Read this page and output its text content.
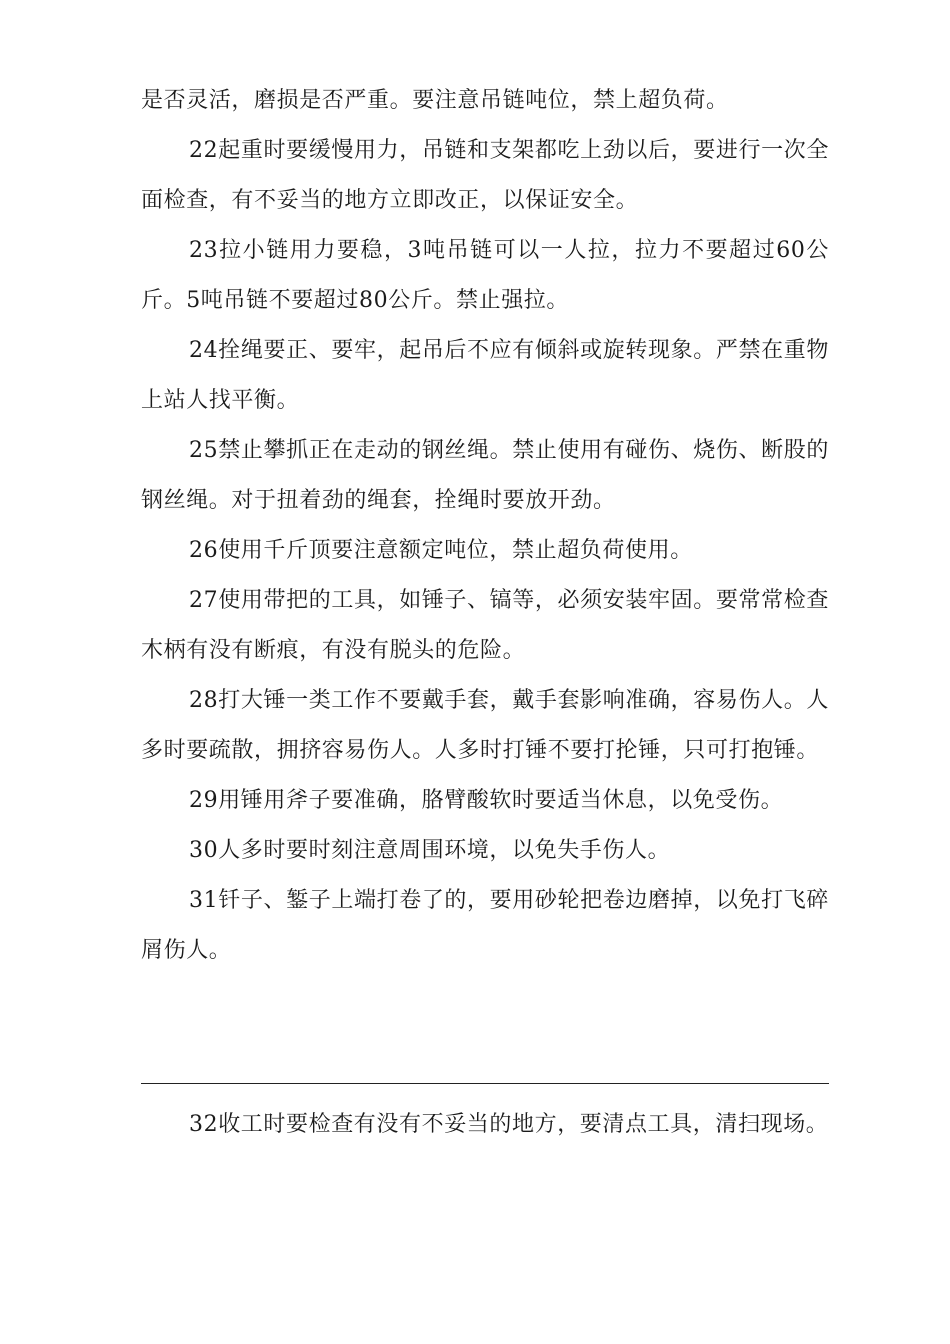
是否灵活，磨损是否严重。要注意吊链吨位，禁上超负荷。

22起重时要缓慢用力，吊链和支架都吃上劲以后，要进行一次全面检查，有不妥当的地方立即改正，以保证安全。

23拉小链用力要稳，3吨吊链可以一人拉，拉力不要超过60公斤。5吨吊链不要超过80公斤。禁止强拉。

24拴绳要正、要牢，起吊后不应有倾斜或旋转现象。严禁在重物上站人找平衡。

25禁止攀抓正在走动的钢丝绳。禁止使用有碰伤、烧伤、断股的钢丝绳。对于扭着劲的绳套，拴绳时要放开劲。

26使用千斤顶要注意额定吨位，禁止超负荷使用。

27使用带把的工具，如锤子、镐等，必须安装牢固。要常常检查木柄有没有断痕，有没有脱头的危险。

28打大锤一类工作不要戴手套，戴手套影响准确，容易伤人。人多时要疏散，拥挤容易伤人。人多时打锤不要打抡锤，只可打抱锤。

29用锤用斧子要准确，胳臂酸软时要适当休息，以免受伤。

30人多时要时刻注意周围环境，以免失手伤人。

31钎子、錾子上端打卷了的，要用砂轮把卷边磨掉，以免打飞碎屑伤人。

32收工时要检查有没有不妥当的地方，要清点工具，清扫现场。
